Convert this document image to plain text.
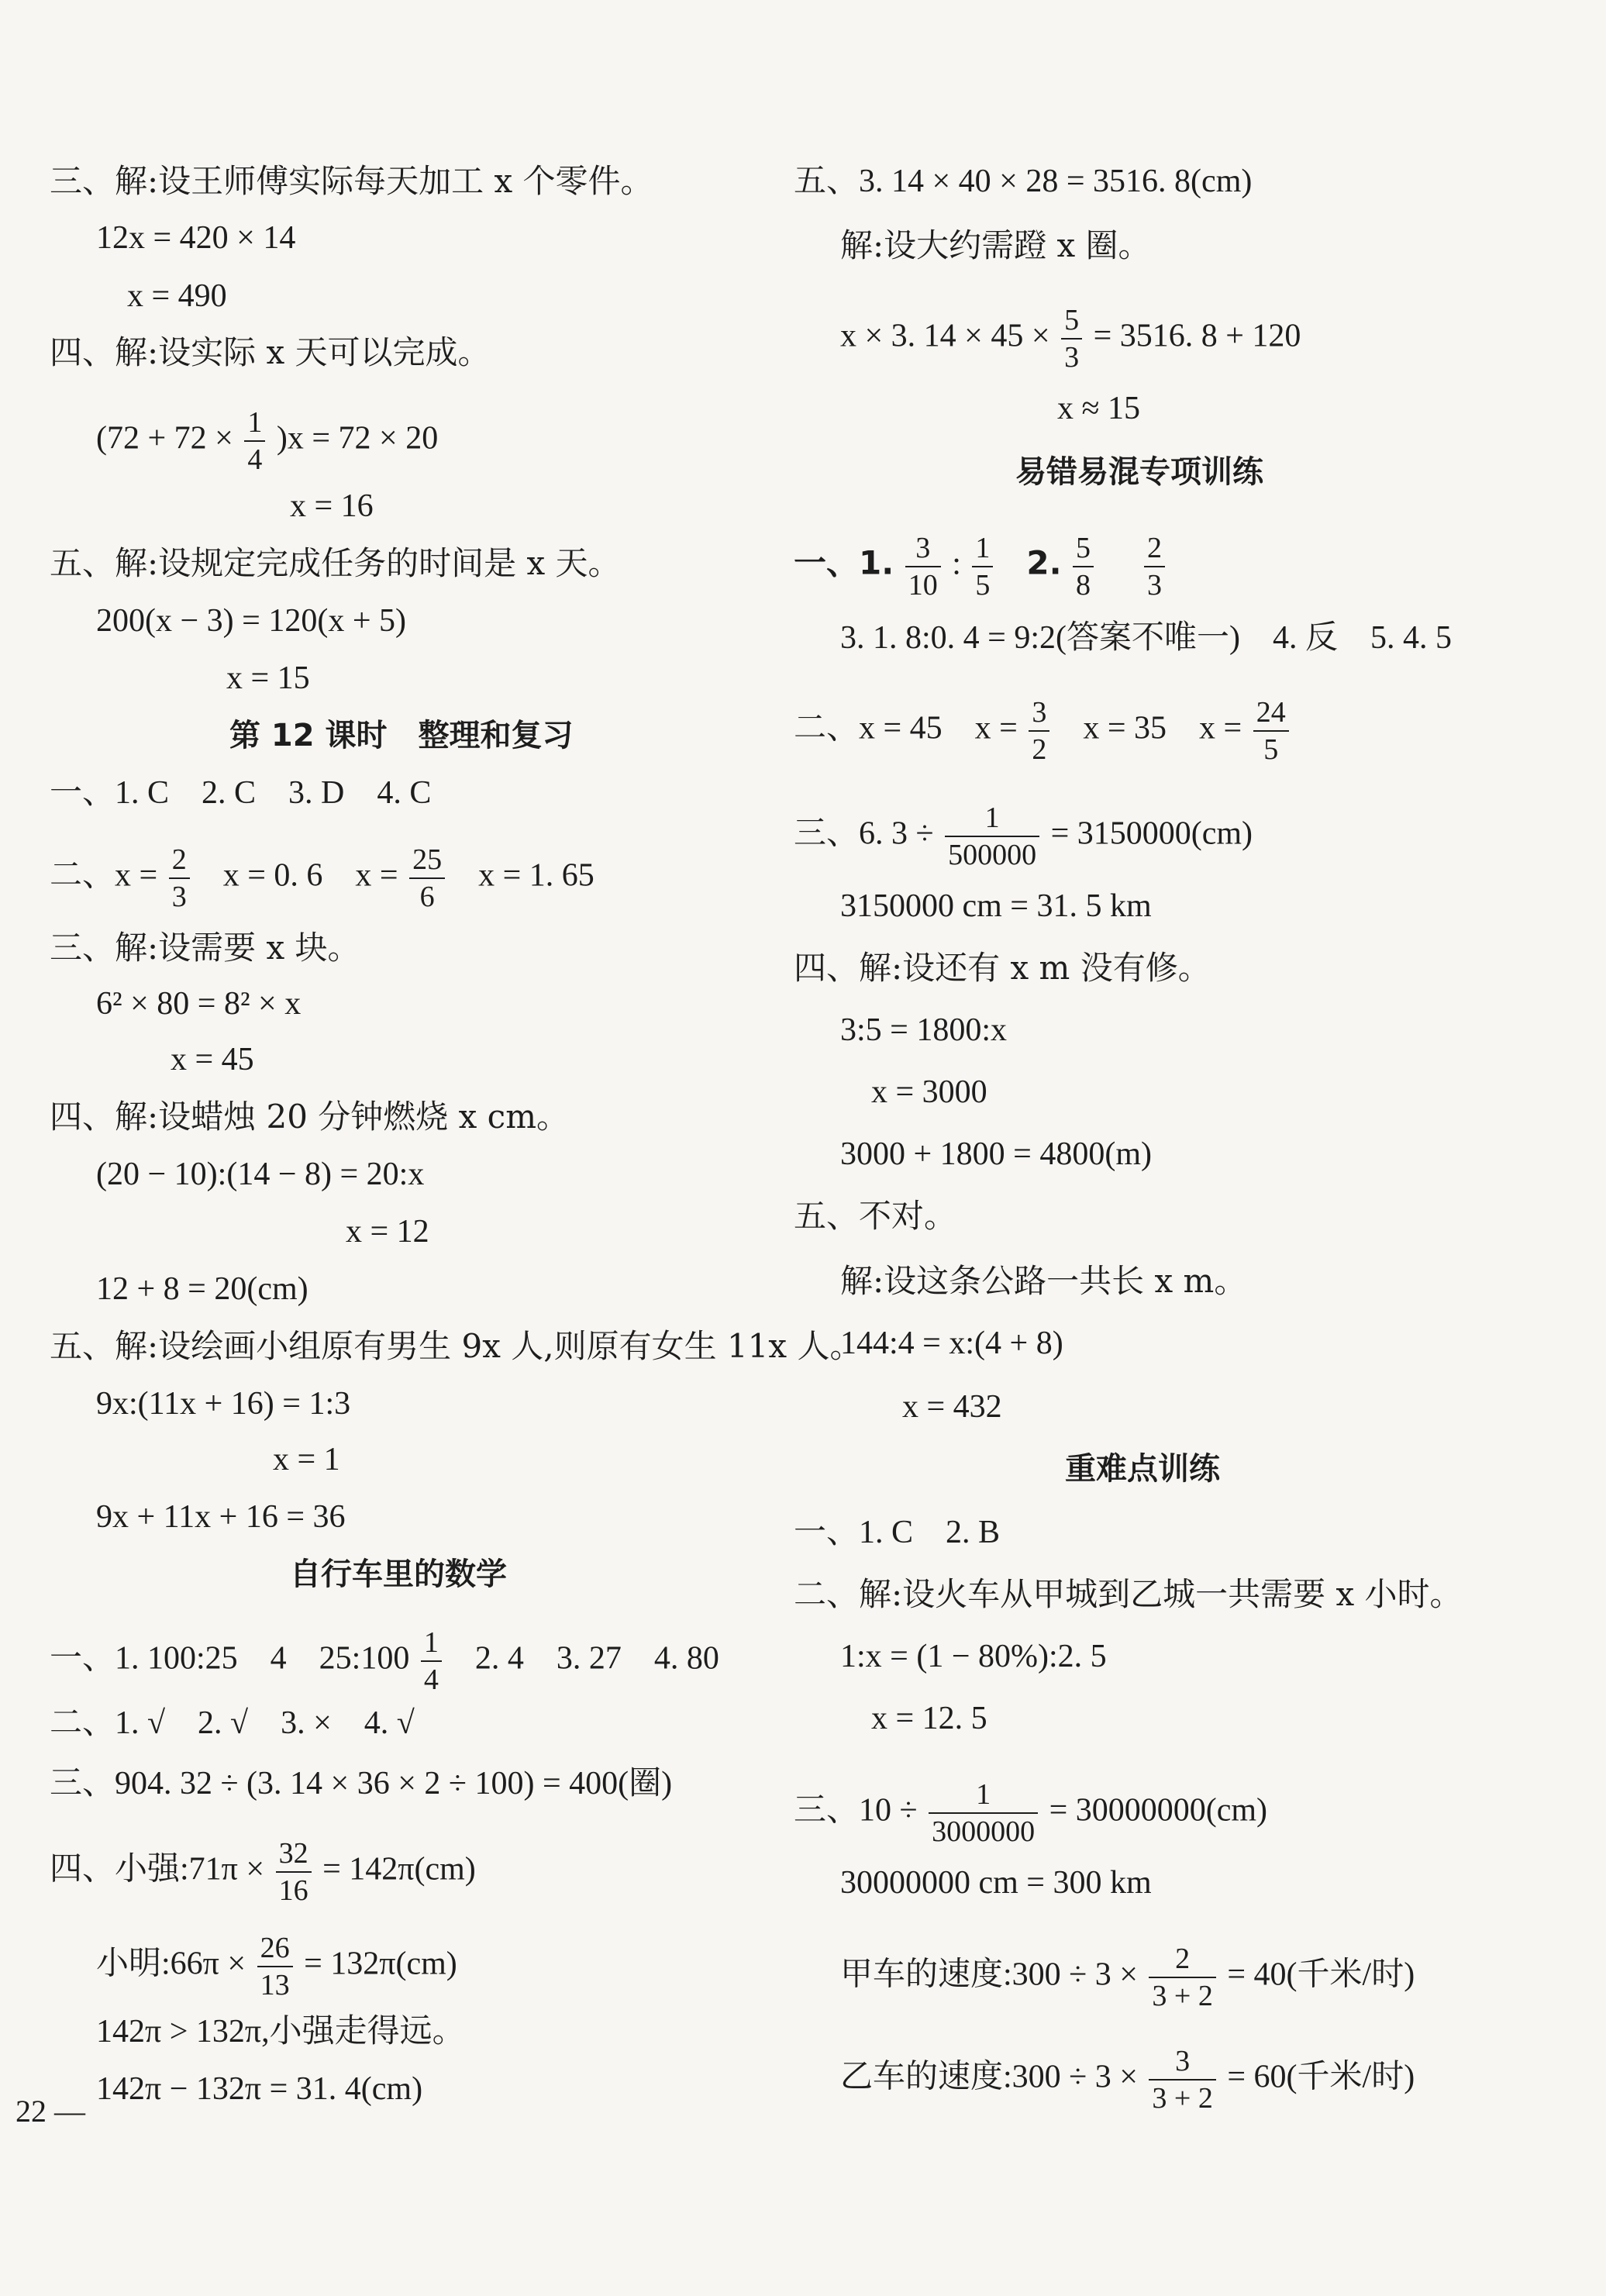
三、解:设王师傅实际每天加工 x 个零件。
12x = 420 × 14
x = 490
四、解:设实际 x 天可以完成。
$(72 + 72 \times \frac{1}{4} )x = 72 \times 20$
x = 16
五、解:设规定完成任务的时间是 x 天。
200(x − 3) = 120(x + 5)
x = 15
第 12 课时　整理和复习
一、1. C　2. C　3. D　4. C
二、$x = \frac{2}{3}$ x = 0. 6　$x = \frac{25}{6}$ x = 1. 65
三、解:设需要 x 块。
6² × 80 = 8² × x
x = 45
四、解:设蜡烛 20 分钟燃烧 x cm。
(20 − 10):(14 − 8) = 20:x
x = 12
12 + 8 = 20(cm)
五、解:设绘画小组原有男生 9x 人,则原有女生 11x 人。
9x:(11x + 16) = 1:3
x = 1
9x + 11x + 16 = 36
自行车里的数学
一、1. 100:25　4　25:100 $\frac{1}{4} 2$. 4　3. 27　4. 80
二、1. √　2. √　3. ×　4. √
三、904. 32 ÷ (3. 14 × 36 × 2 ÷ 100) = 400(圈)
四、小强:71π × $\frac{32}{16} = 142\pi(cm)$
小明:66π × $\frac{26}{13} = 132\pi(cm)$
142π > 132π,小强走得远。
142π − 132π = 31. 4(cm)
22 —
五、3. 14 × 40 × 28 = 3516. 8(cm)
解:设大约需蹬 x 圈。
x × 3. $14 \times 45 \times \frac{5}{3} = 3516$. 8 + 120
x ≈ 15
易错易混专项训练
一、1. $\frac{3}{10}$ : $\frac{1}{5} 2$. $\frac{5}{8}$
$\frac{2}{3}$
3. 1. 8:0. 4 = 9:2(答案不唯一)　4. 反　5. 4. 5
二、x = 45　$x = \frac{3}{2}$ x = 35　$x = \frac{24}{5}$
三、6. $3 \div \frac{1}{500000} = 3150000(cm)$
3150000 cm = 31. 5 km
四、解:设还有 x m 没有修。
3:5 = 1800:x
x = 3000
3000 + 1800 = 4800(m)
五、不对。
解:设这条公路一共长 x m。
144:4 = x:(4 + 8)
x = 432
重难点训练
一、1. C　2. B
二、解:设火车从甲城到乙城一共需要 x 小时。
1:x = (1 − 80%):2. 5
x = 12. 5
三、$10 \div \frac{1}{3000000} = 30000000(cm)$
30000000 cm = 300 km
甲车的速度:300 ÷ $3 \times \frac{2}{3 + 2} = 40$(千米/时)
乙车的速度:300 ÷ $3 \times \frac{3}{3 + 2} = 60$(千米/时)
